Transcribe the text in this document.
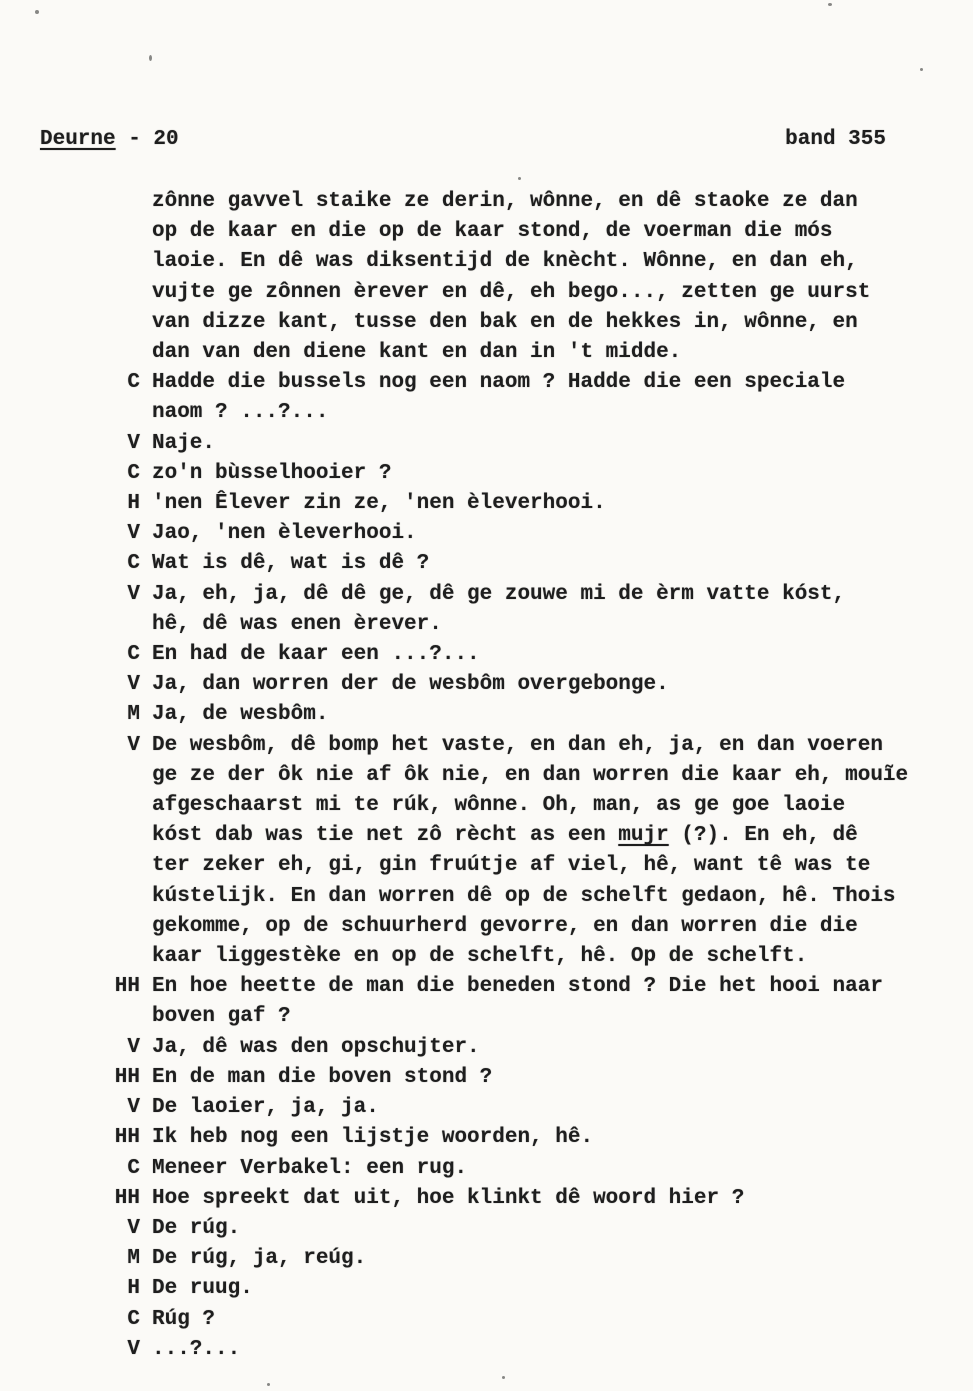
Deurne - 20	band 355
zônne gavvel staike ze derin, wônne, en dê staoke ze dan
op de kaar en die op de kaar stond, de voerman die mós
laoie. En dê was diksentijd de knècht. Wônne, en dan eh,
vujte ge zônnen èrever en dê, eh bego..., zetten ge uurst
van dizze kant, tusse den bak en de hekkes in, wônne, en
dan van den diene kant en dan in 't midde.
C Hadde die bussels nog een naom ? Hadde die een speciale
naom ? ...?...
V Naje.
C zo'n bùsselhooier ?
H 'nen Êlever zin ze, 'nen èleverhooi.
V Jao, 'nen èleverhooi.
C Wat is dê, wat is dê ?
V Ja, eh, ja, dê dê ge, dê ge zouwe mi de èrm vatte kóst,
hê, dê was enen èrever.
C En had de kaar een ...?...
V Ja, dan worren der de wesbôm overgebonge.
M Ja, de wesbôm.
V De wesbôm, dê bomp het vaste, en dan eh, ja, en dan voeren
ge ze der ôk nie af ôk nie, en dan worren die kaar eh, mouĩe
afgeschaarst mi te rúk, wônne. Oh, man, as ge goe laoie
kóst dab was tie net zô rècht as een mujr (?). En eh, dê
ter zeker eh, gi, gin fruútje af viel, hê, want tê was te
kústelijk. En dan worren dê op de schelft gedaon, hê. Thois
gekomme, op de schuurherd gevorre, en dan worren die die
kaar liggestèke en op de schelft, hê. Op de schelft.
HH En hoe heette de man die beneden stond ? Die het hooi naar
boven gaf ?
V Ja, dê was den opschujter.
HH En de man die boven stond ?
V De laoier, ja, ja.
HH Ik heb nog een lijstje woorden, hê.
C Meneer Verbakel: een rug.
HH Hoe spreekt dat uit, hoe klinkt dê woord hier ?
V De rúg.
M De rúg, ja, reúg.
H De ruug.
C Rúg ?
V ...?...
